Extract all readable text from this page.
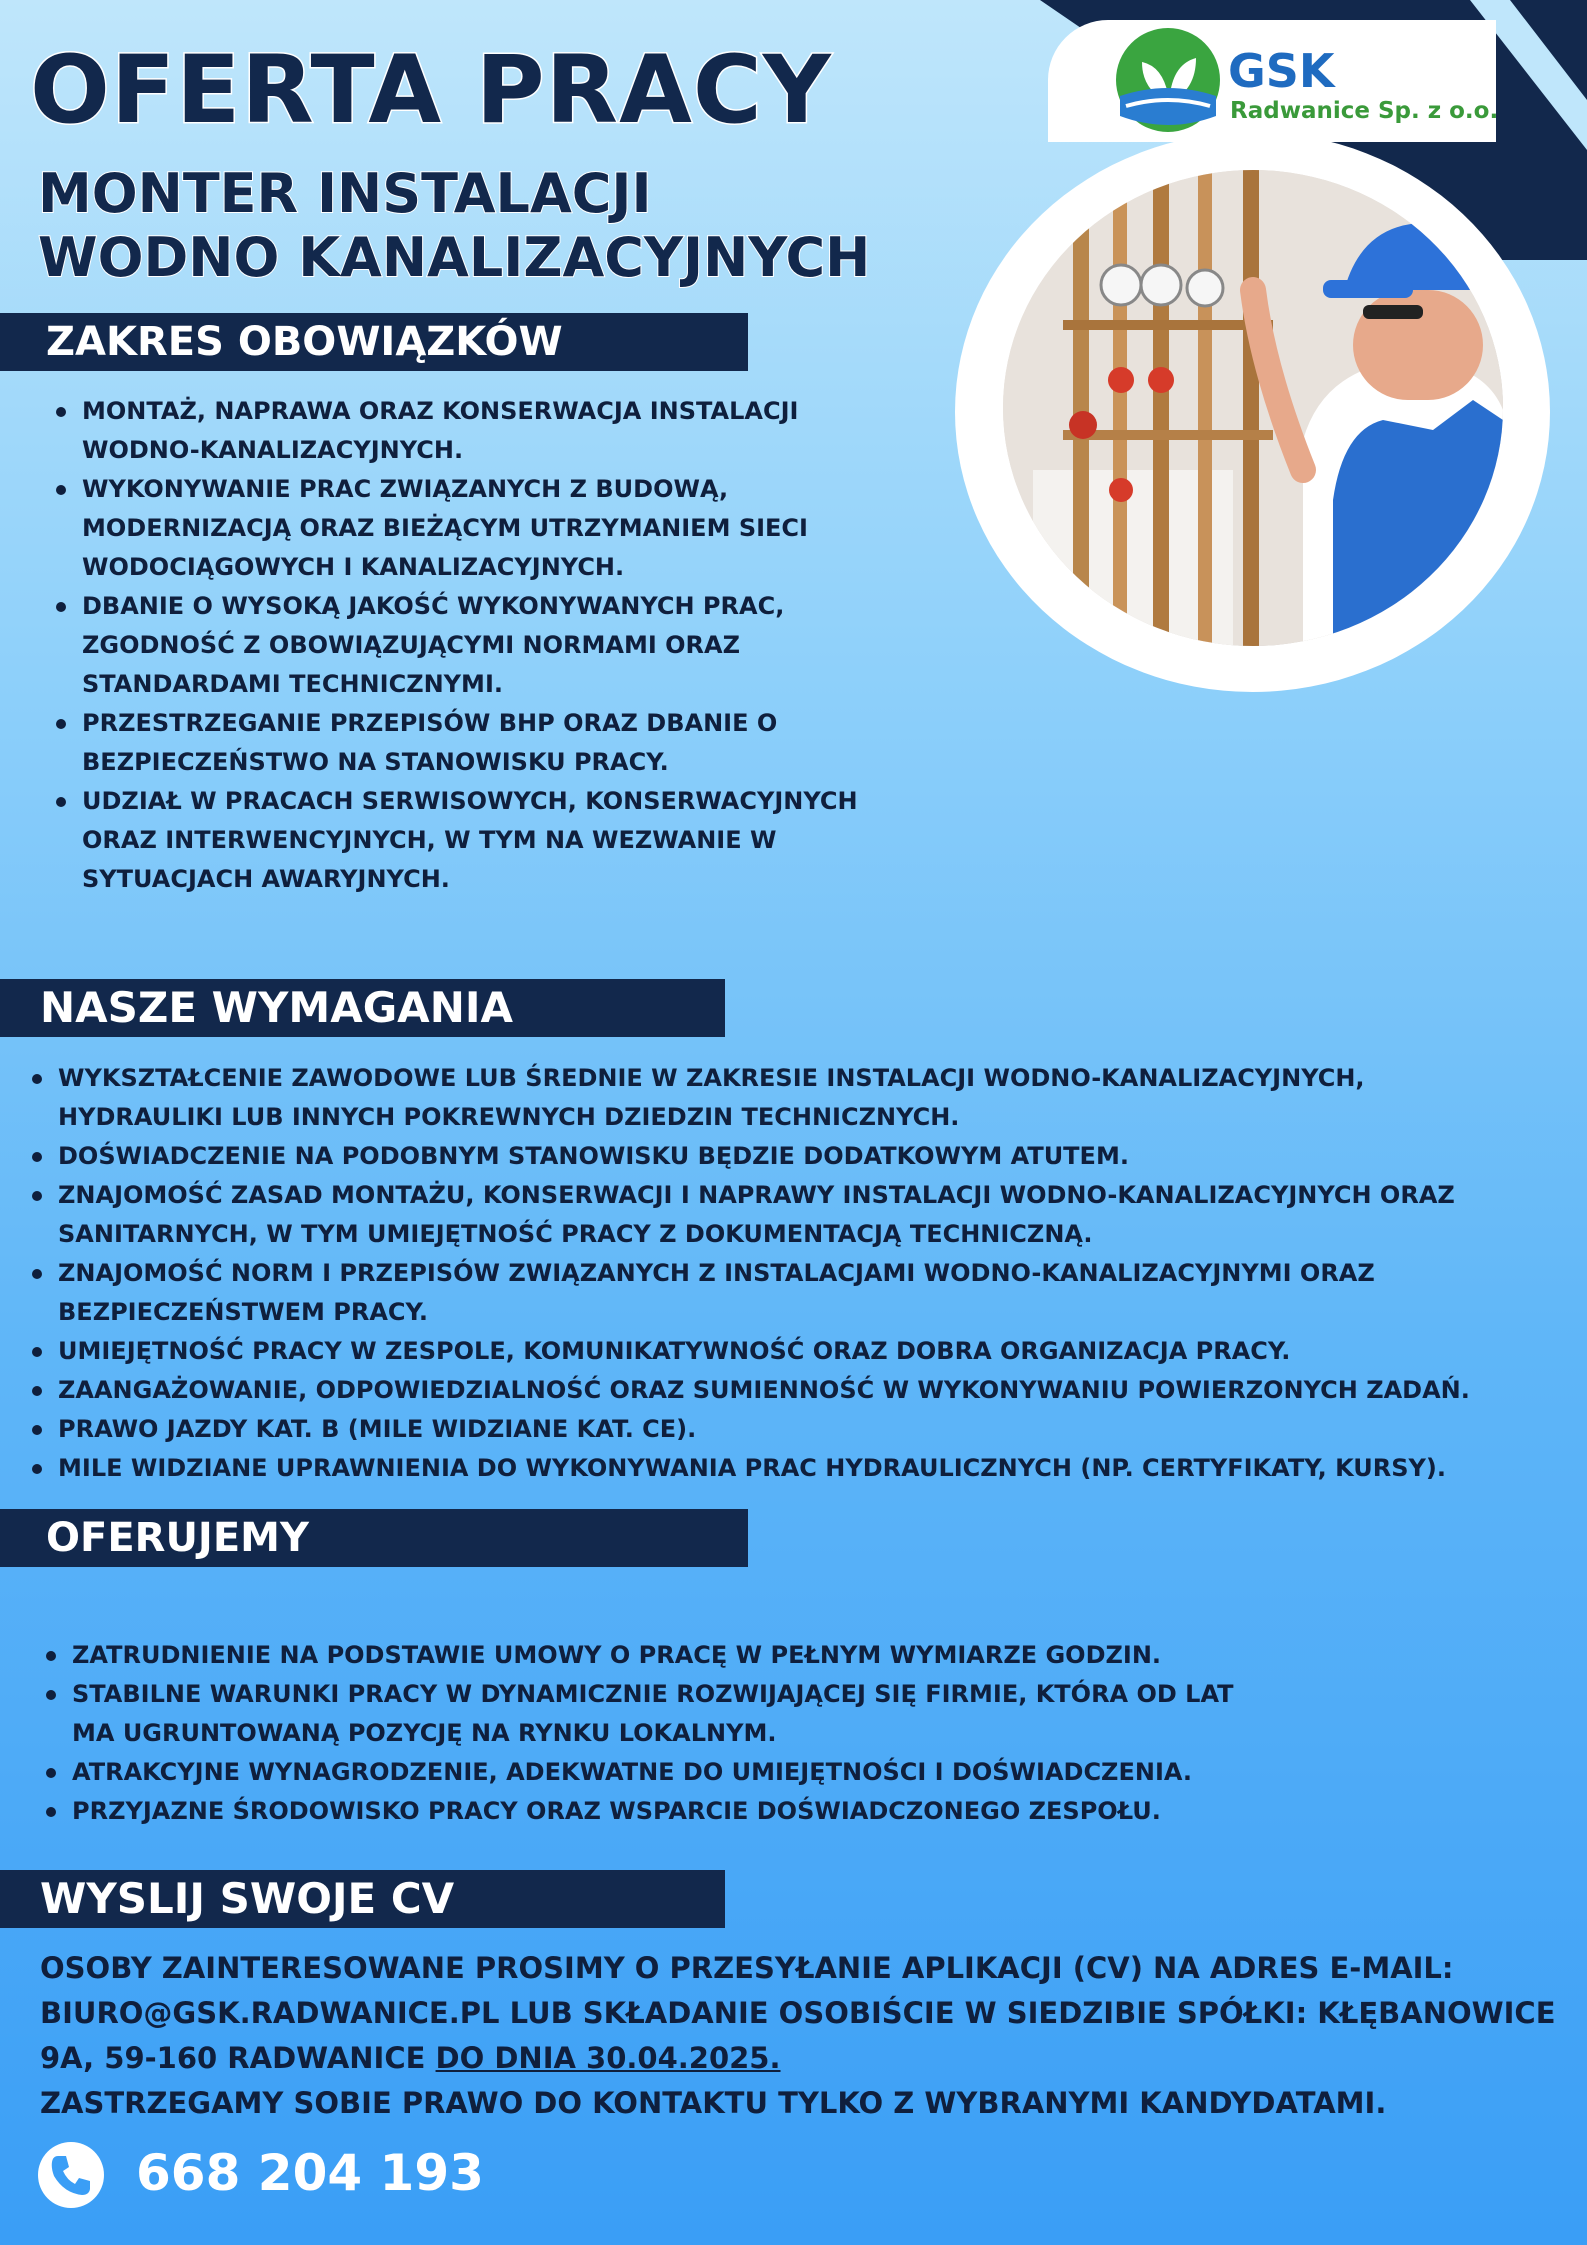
OFERTA PRACY
MONTER INSTALACJI
WODNO KANALIZACYJNYCH
GSK
Radwanice Sp. z o.o.
ZAKRES OBOWIĄZKÓW
MONTAŻ, NAPRAWA ORAZ KONSERWACJA INSTALACJI
WODNO-KANALIZACYJNYCH.
WYKONYWANIE PRAC ZWIĄZANYCH Z BUDOWĄ,
MODERNIZACJĄ ORAZ BIEŻĄCYM UTRZYMANIEM SIECI
WODOCIĄGOWYCH I KANALIZACYJNYCH.
DBANIE O WYSOKĄ JAKOŚĆ WYKONYWANYCH PRAC,
ZGODNOŚĆ Z OBOWIĄZUJĄCYMI NORMAMI ORAZ
STANDARDAMI TECHNICZNYMI.
PRZESTRZEGANIE PRZEPISÓW BHP ORAZ DBANIE O
BEZPIECZEŃSTWO NA STANOWISKU PRACY.
UDZIAŁ W PRACACH SERWISOWYCH, KONSERWACYJNYCH
ORAZ INTERWENCYJNYCH, W TYM NA WEZWANIE W
SYTUACJACH AWARYJNYCH.
NASZE WYMAGANIA
WYKSZTAŁCENIE ZAWODOWE LUB ŚREDNIE W ZAKRESIE INSTALACJI WODNO-KANALIZACYJNYCH,
HYDRAULIKI LUB INNYCH POKREWNYCH DZIEDZIN TECHNICZNYCH.
DOŚWIADCZENIE NA PODOBNYM STANOWISKU BĘDZIE DODATKOWYM ATUTEM.
ZNAJOMOŚĆ ZASAD MONTAŻU, KONSERWACJI I NAPRAWY INSTALACJI WODNO-KANALIZACYJNYCH ORAZ
SANITARNYCH, W TYM UMIEJĘTNOŚĆ PRACY Z DOKUMENTACJĄ TECHNICZNĄ.
ZNAJOMOŚĆ NORM I PRZEPISÓW ZWIĄZANYCH Z INSTALACJAMI WODNO-KANALIZACYJNYMI ORAZ
BEZPIECZEŃSTWEM PRACY.
UMIEJĘTNOŚĆ PRACY W ZESPOLE, KOMUNIKATYWNOŚĆ ORAZ DOBRA ORGANIZACJA PRACY.
ZAANGAŻOWANIE, ODPOWIEDZIALNOŚĆ ORAZ SUMIENNOŚĆ W WYKONYWANIU POWIERZONYCH ZADAŃ.
PRAWO JAZDY KAT. B (MILE WIDZIANE KAT. CE).
MILE WIDZIANE UPRAWNIENIA DO WYKONYWANIA PRAC HYDRAULICZNYCH (NP. CERTYFIKATY, KURSY).
OFERUJEMY
ZATRUDNIENIE NA PODSTAWIE UMOWY O PRACĘ W PEŁNYM WYMIARZE GODZIN.
STABILNE WARUNKI PRACY W DYNAMICZNIE ROZWIJAJĄCEJ SIĘ FIRMIE, KTÓRA OD LAT
MA UGRUNTOWANĄ POZYCJĘ NA RYNKU LOKALNYM.
ATRAKCYJNE WYNAGRODZENIE, ADEKWATNE DO UMIEJĘTNOŚCI I DOŚWIADCZENIA.
PRZYJAZNE ŚRODOWISKO PRACY ORAZ WSPARCIE DOŚWIADCZONEGO ZESPOŁU.
WYSLIJ SWOJE CV
OSOBY ZAINTERESOWANE PROSIMY O PRZESYŁANIE APLIKACJI (CV) NA ADRES E-MAIL: BIURO@GSK.RADWANICE.PL LUB SKŁADANIE OSOBIŚCIE W SIEDZIBIE SPÓŁKI: KŁĘBANOWICE 9A, 59-160 RADWANICE DO DNIA 30.04.2025.
ZASTRZEGAMY SOBIE PRAWO DO KONTAKTU TYLKO Z WYBRANYMI KANDYDATAMI.
668 204 193
